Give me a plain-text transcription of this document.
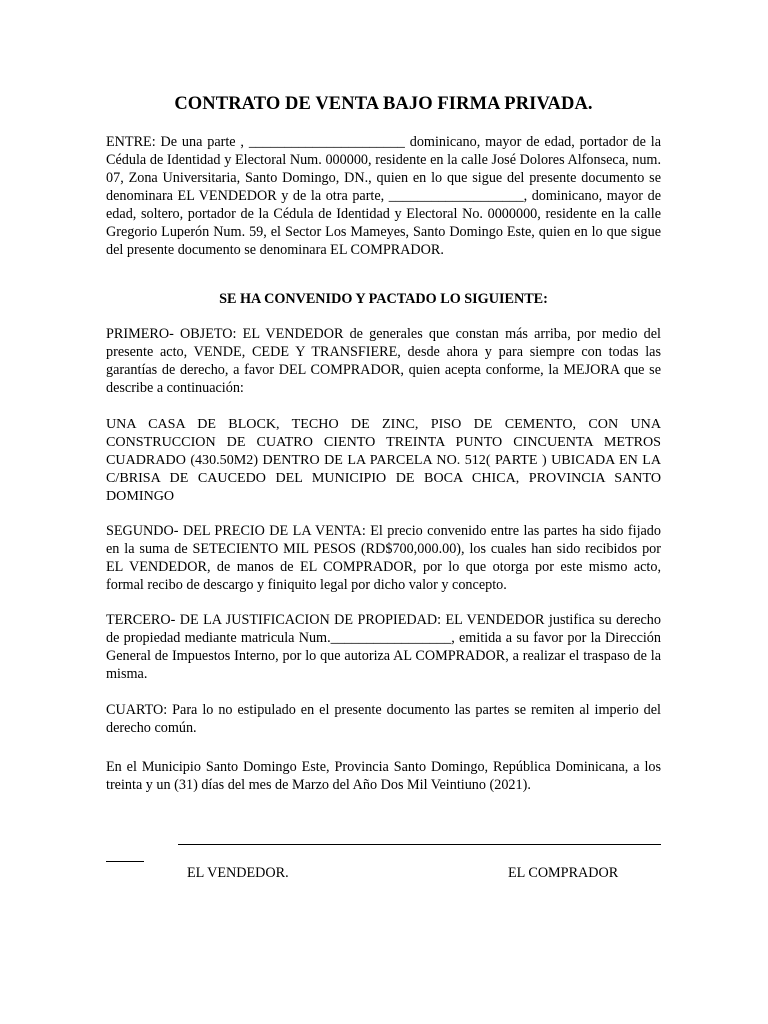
CONTRATO DE VENTA BAJO FIRMA PRIVADA.

ENTRE: De una parte , ______________________ dominicano, mayor de edad, portador de la Cédula de Identidad y Electoral Num. 000000, residente en la calle José Dolores Alfonseca, num. 07, Zona Universitaria, Santo Domingo, DN., quien en lo que sigue del presente documento se denominara EL VENDEDOR y de la otra parte, ___________________, dominicano, mayor de edad, soltero, portador de la Cédula de Identidad y Electoral No. 0000000, residente en la calle Gregorio Luperón Num. 59, el Sector Los Mameyes, Santo Domingo Este, quien en lo que sigue del presente documento se denominara EL COMPRADOR.

SE HA CONVENIDO Y PACTADO LO SIGUIENTE:

PRIMERO- OBJETO: EL VENDEDOR de generales que constan más arriba, por medio del presente acto, VENDE, CEDE Y TRANSFIERE, desde ahora y para siempre con todas las garantías de derecho, a favor DEL COMPRADOR, quien acepta conforme, la MEJORA que se describe a continuación:

UNA CASA DE BLOCK, TECHO DE ZINC, PISO DE CEMENTO, CON UNA CONSTRUCCION DE CUATRO CIENTO TREINTA PUNTO CINCUENTA METROS CUADRADO (430.50M2) DENTRO DE LA PARCELA NO. 512( PARTE ) UBICADA EN LA C/BRISA DE CAUCEDO DEL MUNICIPIO DE BOCA CHICA, PROVINCIA SANTO DOMINGO

SEGUNDO- DEL PRECIO DE LA VENTA: El precio convenido entre las partes ha sido fijado en la suma de SETECIENTO MIL PESOS (RD$700,000.00), los cuales han sido recibidos por EL VENDEDOR, de manos de EL COMPRADOR, por lo que otorga por este mismo acto, formal recibo de descargo y finiquito legal por dicho valor y concepto.

TERCERO- DE LA JUSTIFICACION DE PROPIEDAD: EL VENDEDOR justifica su derecho de propiedad mediante matricula Num._________________, emitida a su favor por la Dirección General de Impuestos Interno, por lo que autoriza AL COMPRADOR, a realizar el traspaso de la misma.

CUARTO: Para lo no estipulado en el presente documento las partes se remiten al imperio del derecho común.

En el Municipio Santo Domingo Este, Provincia Santo Domingo, República Dominicana, a los treinta y un (31) días del mes de Marzo del Año Dos Mil Veintiuno (2021).

EL VENDEDOR.	EL COMPRADOR
